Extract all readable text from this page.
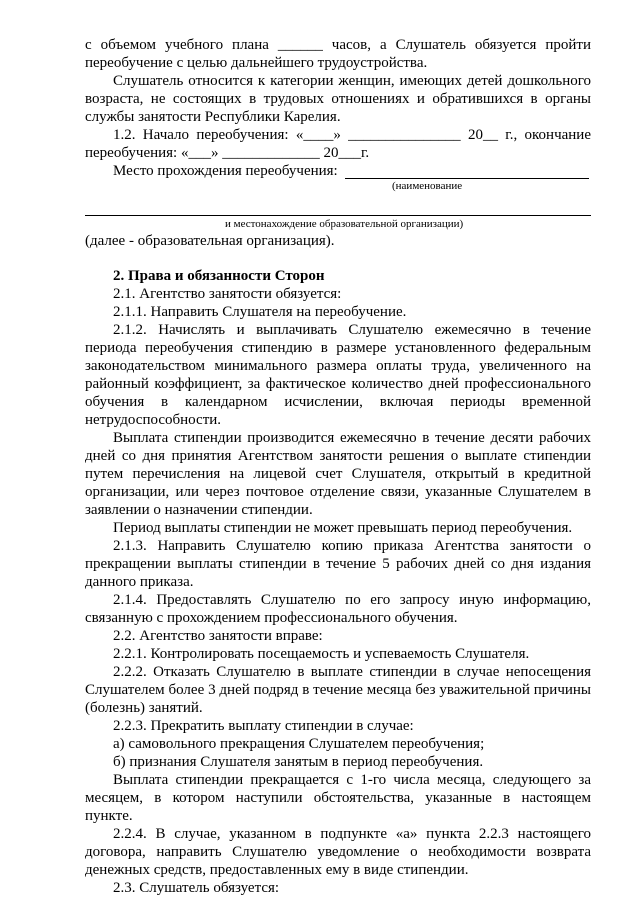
с объемом учебного плана ______ часов, а Слушатель обязуется пройти
переобучение с целью дальнейшего трудоустройства.
Слушатель относится к категории женщин, имеющих детей дошкольного
возраста, не состоящих в трудовых отношениях и обратившихся в органы
службы занятости Республики Карелия.
1.2. Начало переобучения: «____» _______________ 20__ г., окончание
переобучения: «___» _____________ 20___г.
Место прохождения переобучения:
(наименование
и местонахождение образовательной организации)
(далее - образовательная организация).
2. Права и обязанности Сторон
2.1. Агентство занятости обязуется:
2.1.1. Направить Слушателя на переобучение.
2.1.2. Начислять и выплачивать Слушателю ежемесячно в течение
периода переобучения стипендию в размере установленного федеральным
законодательством минимального размера оплаты труда, увеличенного на
районный коэффициент, за фактическое количество дней профессионального
обучения в календарном исчислении, включая периоды временной
нетрудоспособности.
Выплата стипендии производится ежемесячно в течение десяти рабочих
дней со дня принятия Агентством занятости решения о выплате стипендии
путем перечисления на лицевой счет Слушателя, открытый в кредитной
организации, или через почтовое отделение связи, указанные Слушателем в
заявлении о назначении стипендии.
Период выплаты стипендии не может превышать период переобучения.
2.1.3. Направить Слушателю копию приказа Агентства занятости о
прекращении выплаты стипендии в течение 5 рабочих дней со дня издания
данного приказа.
2.1.4. Предоставлять Слушателю по его запросу иную информацию,
связанную с прохождением профессионального обучения.
2.2. Агентство занятости вправе:
2.2.1. Контролировать посещаемость и успеваемость Слушателя.
2.2.2. Отказать Слушателю в выплате стипендии в случае непосещения
Слушателем более 3 дней подряд в течение месяца без уважительной причины
(болезнь) занятий.
2.2.3. Прекратить выплату стипендии в случае:
а) самовольного прекращения Слушателем переобучения;
б) признания Слушателя занятым в период переобучения.
Выплата стипендии прекращается с 1-го числа месяца, следующего за
месяцем, в котором наступили обстоятельства, указанные в настоящем
пункте.
2.2.4. В случае, указанном в подпункте «а» пункта 2.2.3 настоящего
договора, направить Слушателю уведомление о необходимости возврата
денежных средств, предоставленных ему в виде стипендии.
2.3. Слушатель обязуется:
